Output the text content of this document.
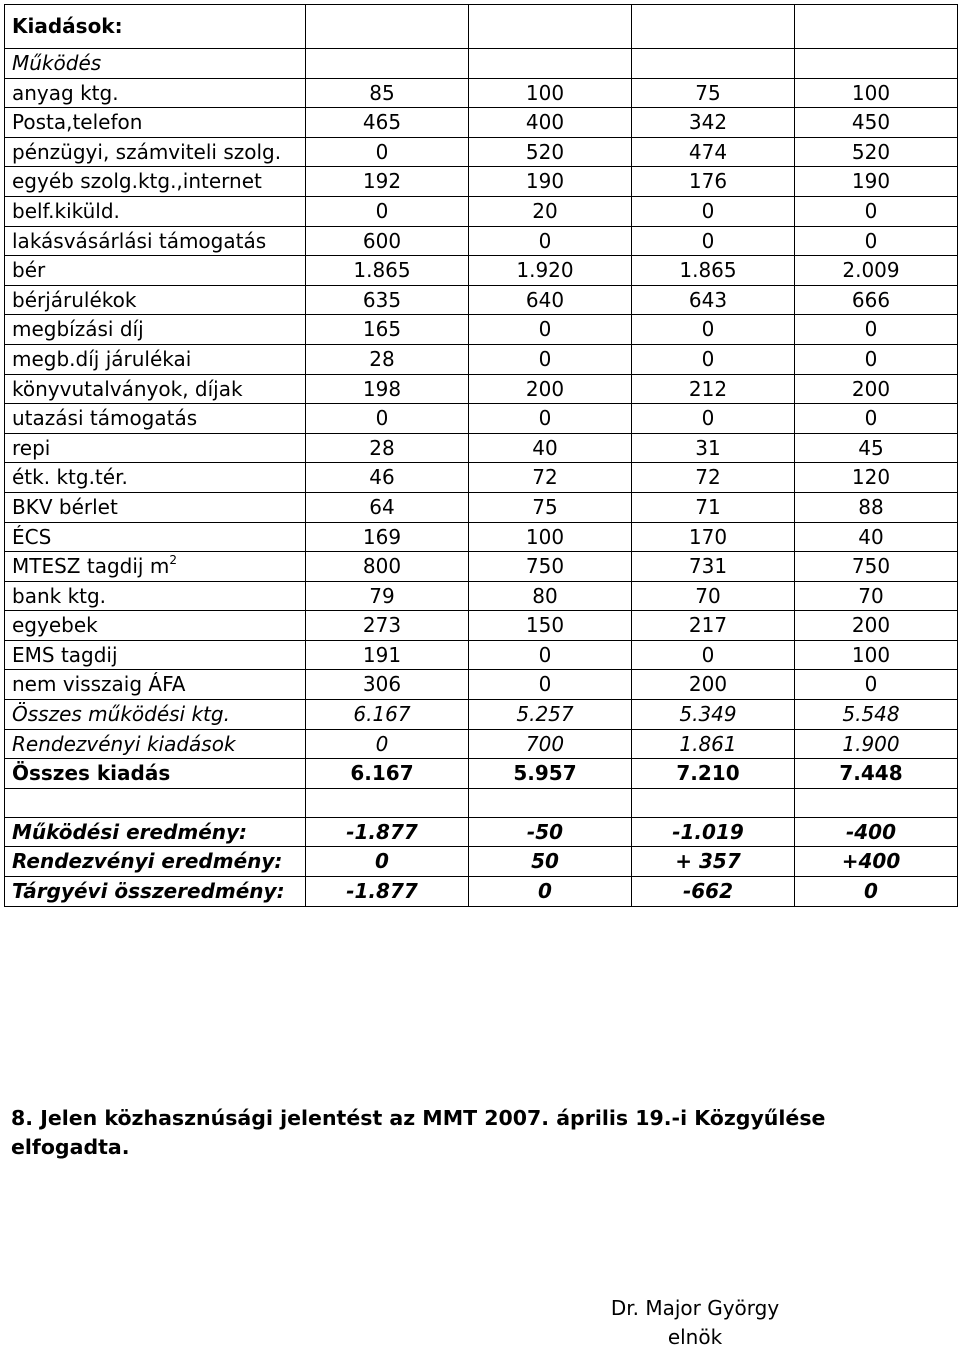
Kiadások:				
Működés				
anyag ktg.	85	100	75	100
Posta,telefon	465	400	342	450
pénzügyi, számviteli szolg.	0	520	474	520
egyéb szolg.ktg.,internet	192	190	176	190
belf.kiküld.	0	20	0	0
lakásvásárlási támogatás	600	0	0	0
bér	1.865	1.920	1.865	2.009
bérjárulékok	635	640	643	666
megbízási díj	165	0	0	0
megb.díj járulékai	28	0	0	0
könyvutalványok, díjak	198	200	212	200
utazási támogatás	0	0	0	0
repi	28	40	31	45
étk. ktg.tér.	46	72	72	120
BKV bérlet	64	75	71	88
ÉCS	169	100	170	40
MTESZ tagdij $m^2$	800	750	731	750
bank ktg.	79	80	70	70
egyebek	273	150	217	200
EMS tagdij	191	0	0	100
nem visszaig ÁFA	306	0	200	0
Összes működési ktg.	6.167	5.257	5.349	5.548
Rendezvényi kiadások	0	700	1.861	1.900
Összes kiadás	6.167	5.957	7.210	7.448

Működési eredmény:	-1.877	-50	-1.019	-400
Rendezvényi eredmény:	0	50	+ 357	+400
Tárgyévi összeredmény:	-1.877	0	-662	0
8. Jelen közhasznúsági jelentést az MMT 2007. április 19.-i Közgyűlése elfogadta.
Dr. Major György
elnök
